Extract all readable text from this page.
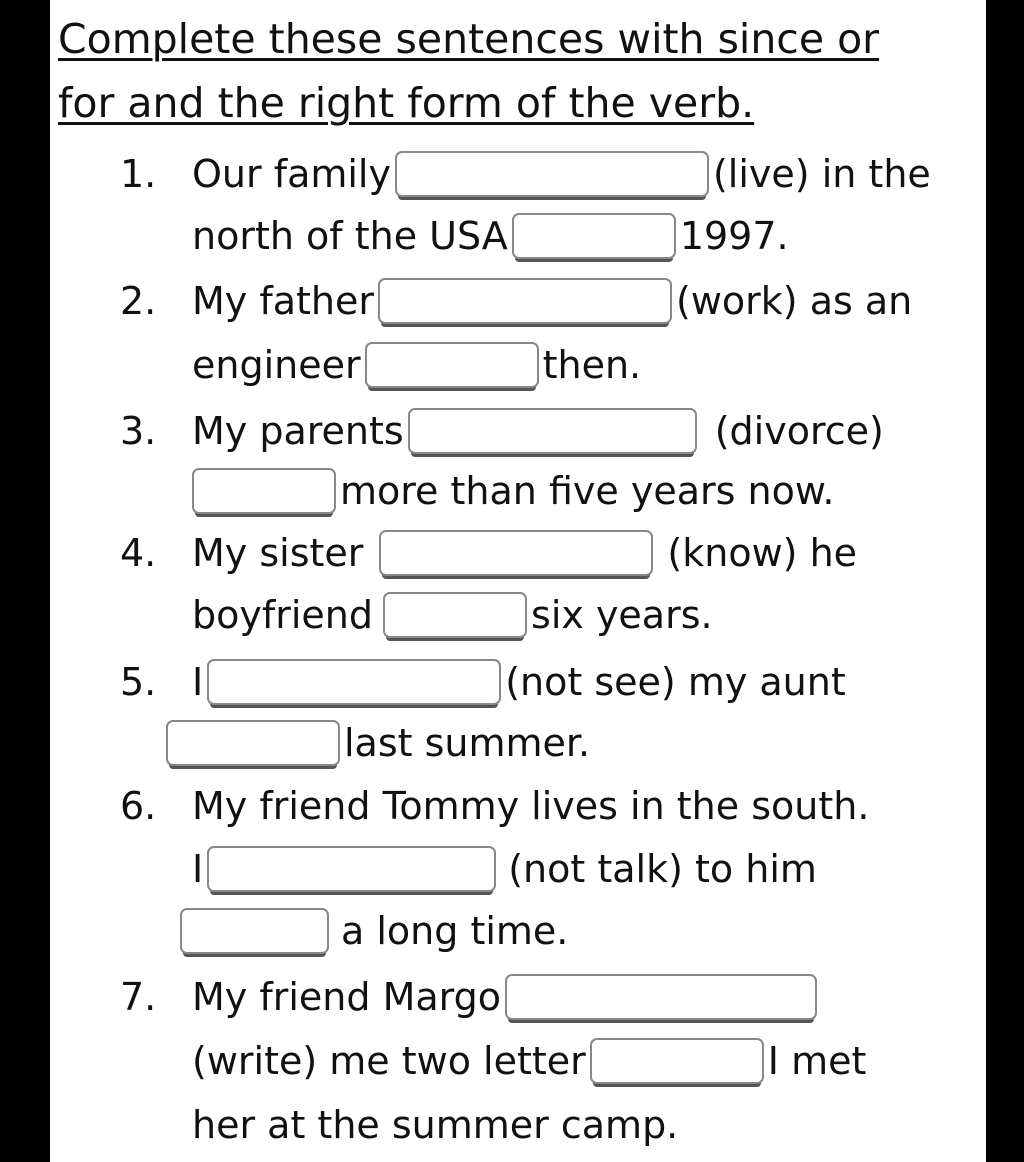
Complete these sentences with since or
for and the right form of the verb.
1. Our family	(live) in the
north of the USA	1997.
2. My father	(work) as an
engineer	then.
3. My parents	(divorce)
more than five years now.
4. My sister	(know) he
boyfriend	six years.
5. I	(not see) my aunt
last summer.
6. My friend Tommy lives in the south.
I	(not talk) to him
a long time.
7. My friend Margo
(write) me two letter	I met
her at the summer camp.
